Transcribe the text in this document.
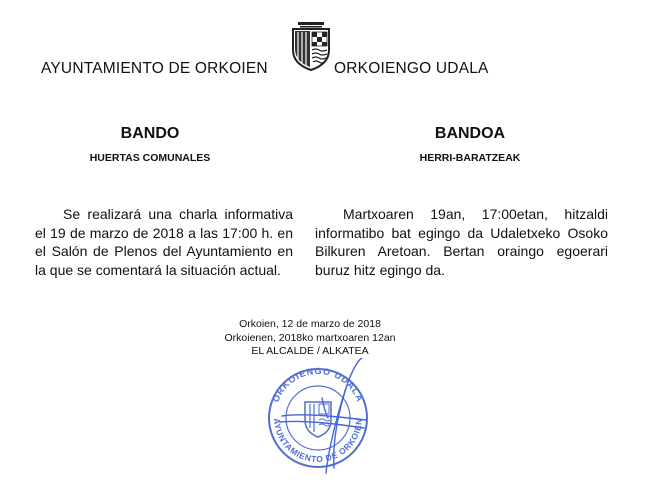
AYUNTAMIENTO DE ORKOIEN	ORKOIENGO UDALA
BANDO	BANDOA
HUERTAS COMUNALES	HERRI-BARATZEAK
Se realizará una charla informativa el 19 de marzo de 2018 a las 17:00 h. en el Salón de Plenos del Ayuntamiento en la que se comentará la situación actual.
Martxoaren 19an, 17:00etan, hitzaldi informatibo bat egingo da Udaletxeko Osoko Bilkuren Aretoan. Bertan oraingo egoerari buruz hitz egingo da.
Orkoien, 12 de marzo de 2018
Orkoienen, 2018ko martxoaren 12an
EL ALCALDE / ALKATEA
ORKOIENGO UDALA
AYUNTAMIENTO DE ORKOIEN
